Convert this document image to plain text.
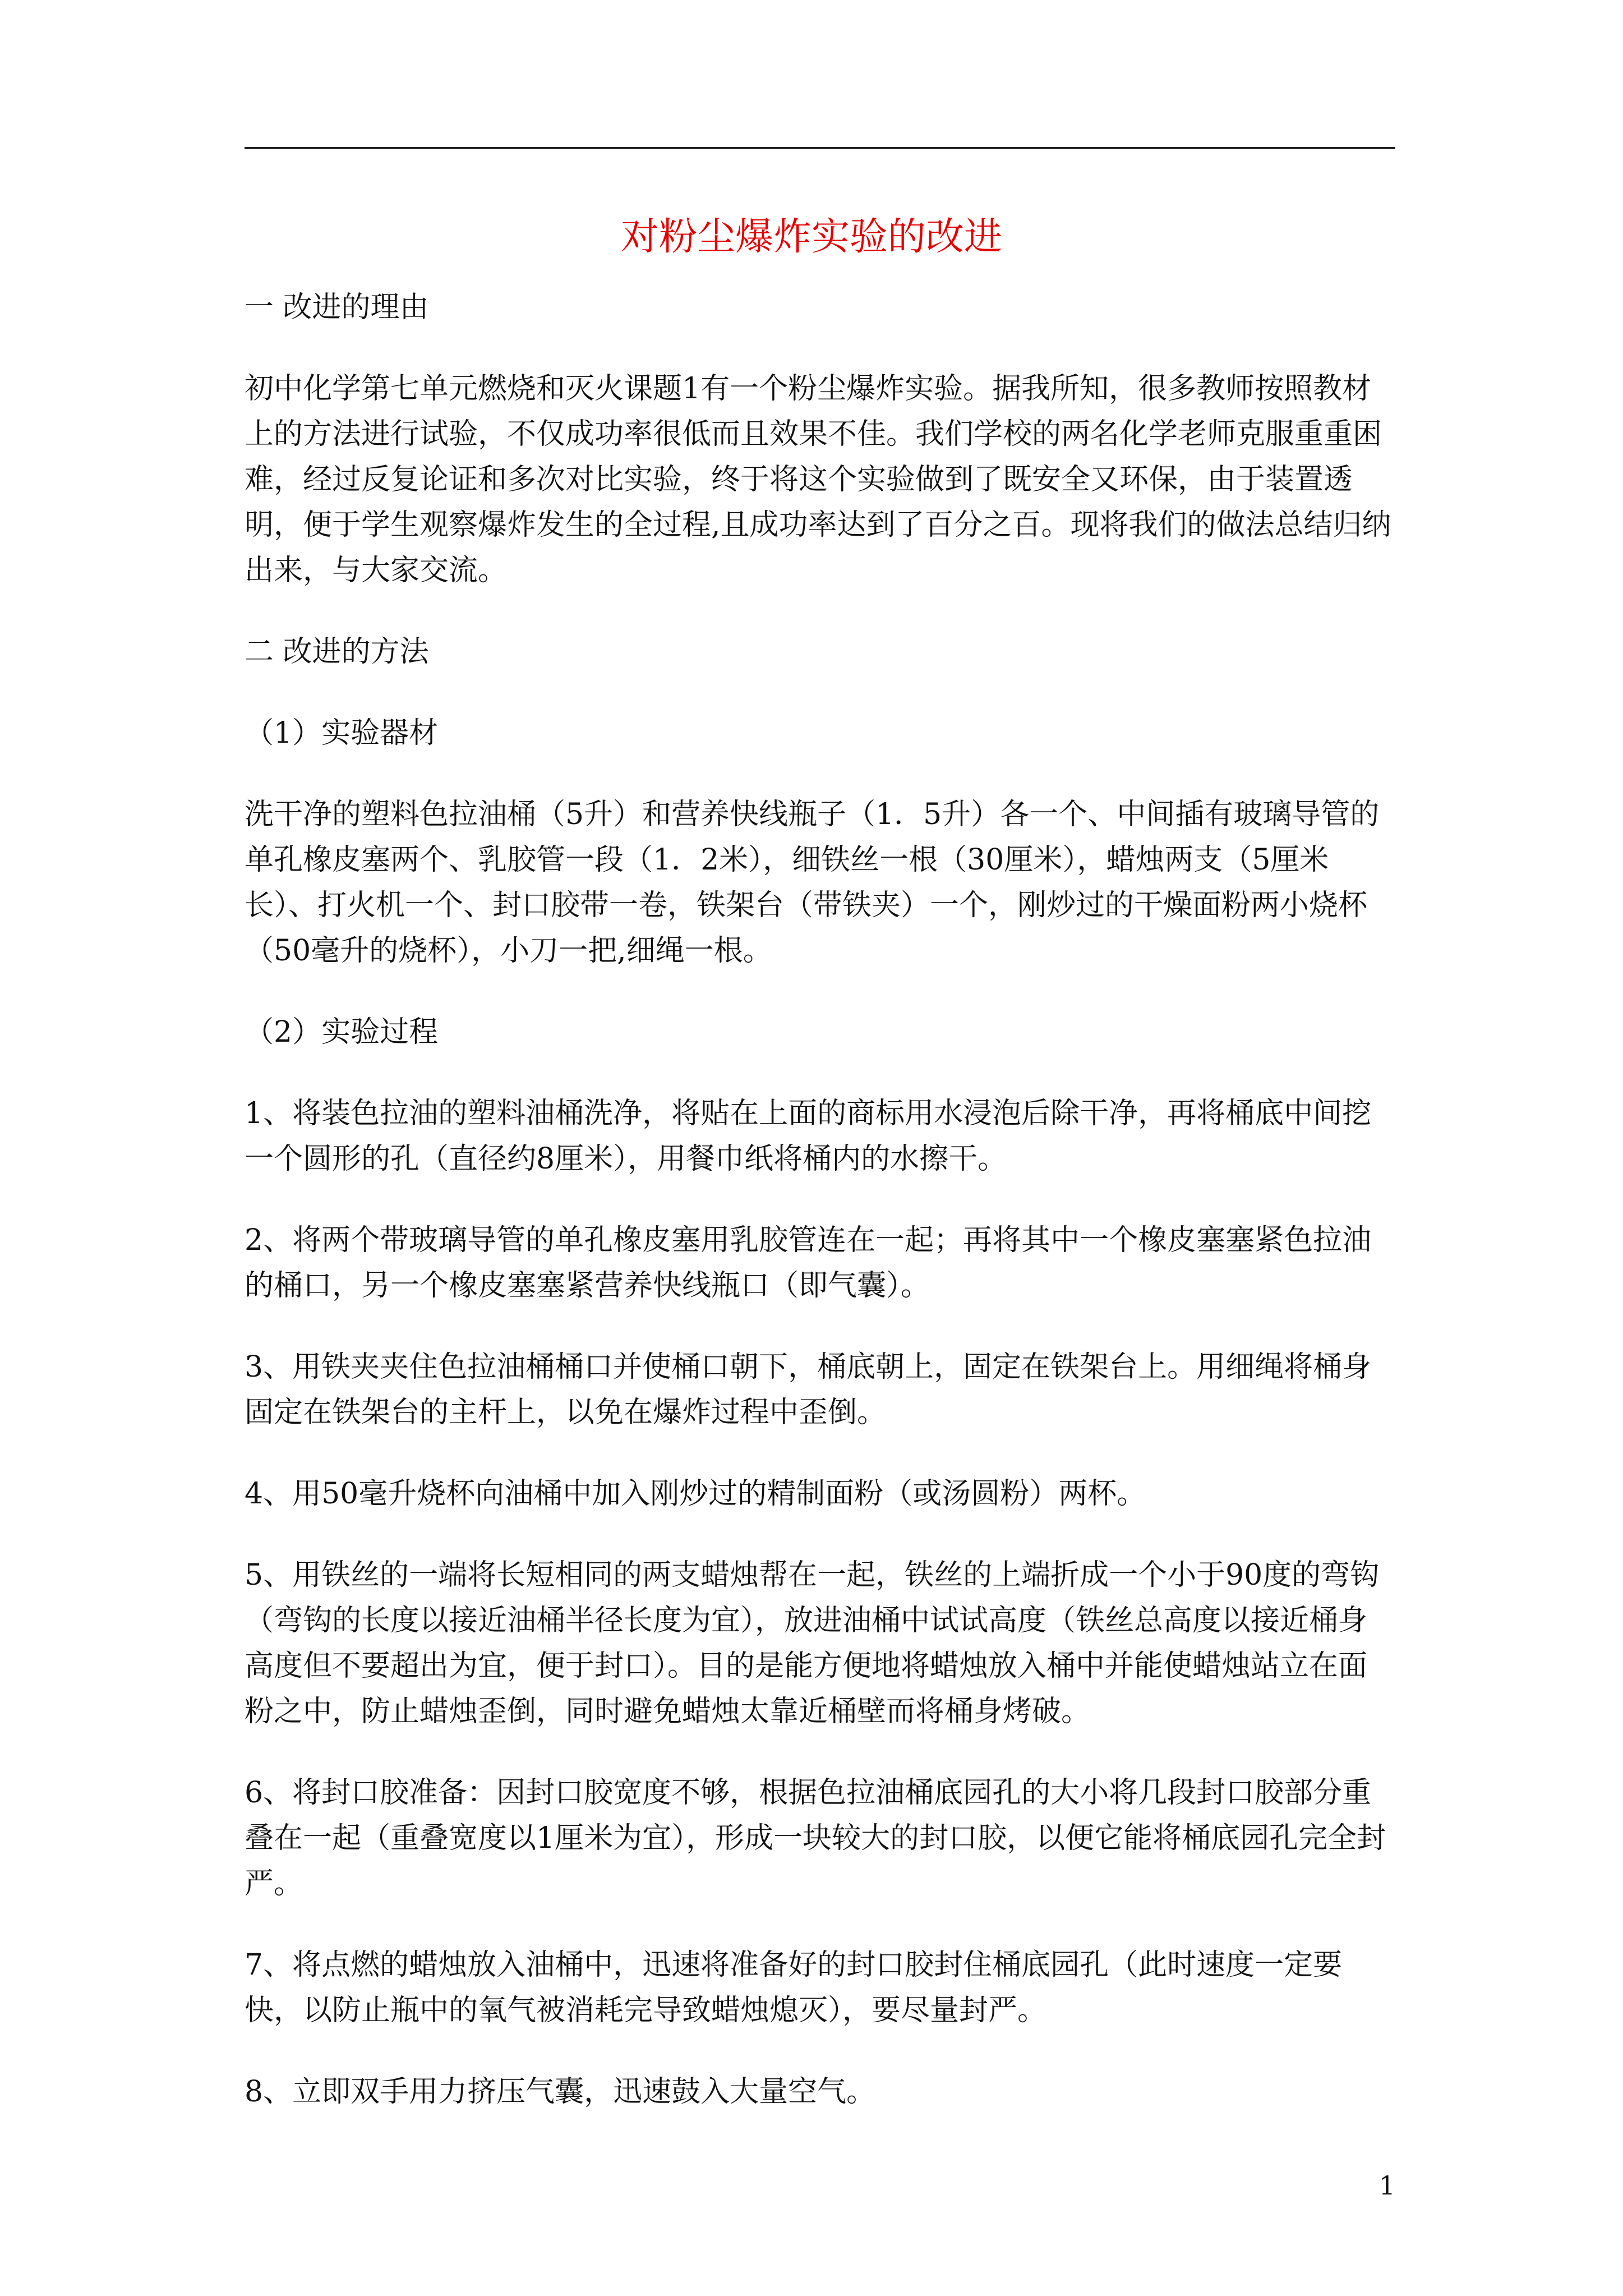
对粉尘爆炸实验的改进

一 改进的理由

初中化学第七单元燃烧和灭火课题1有一个粉尘爆炸实验。据我所知，很多教师按照教材上的方法进行试验，不仅成功率很低而且效果不佳。我们学校的两名化学老师克服重重困难，经过反复论证和多次对比实验，终于将这个实验做到了既安全又环保，由于装置透明，便于学生观察爆炸发生的全过程,且成功率达到了百分之百。现将我们的做法总结归纳出来，与大家交流。

二 改进的方法

（1）实验器材

洗干净的塑料色拉油桶（5升）和营养快线瓶子（1．5升）各一个、中间插有玻璃导管的单孔橡皮塞两个、乳胶管一段（1．2米），细铁丝一根（30厘米），蜡烛两支（5厘米长）、打火机一个、封口胶带一卷，铁架台（带铁夹）一个，刚炒过的干燥面粉两小烧杯（50毫升的烧杯），小刀一把,细绳一根。

（2）实验过程

1、将装色拉油的塑料油桶洗净，将贴在上面的商标用水浸泡后除干净，再将桶底中间挖一个圆形的孔（直径约8厘米），用餐巾纸将桶内的水擦干。

2、将两个带玻璃导管的单孔橡皮塞用乳胶管连在一起；再将其中一个橡皮塞塞紧色拉油的桶口，另一个橡皮塞塞紧营养快线瓶口（即气囊）。

3、用铁夹夹住色拉油桶桶口并使桶口朝下，桶底朝上，固定在铁架台上。用细绳将桶身固定在铁架台的主杆上，以免在爆炸过程中歪倒。

4、用50毫升烧杯向油桶中加入刚炒过的精制面粉（或汤圆粉）两杯。

5、用铁丝的一端将长短相同的两支蜡烛帮在一起，铁丝的上端折成一个小于90度的弯钩（弯钩的长度以接近油桶半径长度为宜），放进油桶中试试高度（铁丝总高度以接近桶身高度但不要超出为宜，便于封口）。目的是能方便地将蜡烛放入桶中并能使蜡烛站立在面粉之中，防止蜡烛歪倒，同时避免蜡烛太靠近桶壁而将桶身烤破。

6、将封口胶准备：因封口胶宽度不够，根据色拉油桶底园孔的大小将几段封口胶部分重叠在一起（重叠宽度以1厘米为宜），形成一块较大的封口胶，以便它能将桶底园孔完全封严。

7、将点燃的蜡烛放入油桶中，迅速将准备好的封口胶封住桶底园孔（此时速度一定要快，以防止瓶中的氧气被消耗完导致蜡烛熄灭），要尽量封严。

8、立即双手用力挤压气囊，迅速鼓入大量空气。

1
